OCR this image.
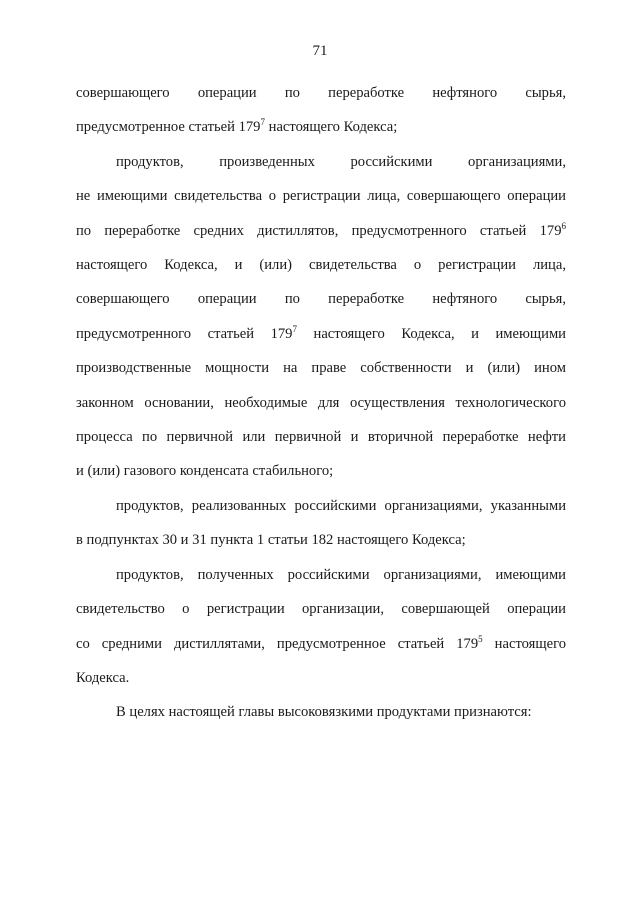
71
совершающего операции по переработке нефтяного сырья,
предусмотренное статьей $179^7$ настоящего Кодекса;
продуктов, произведенных российскими организациями,
не имеющими свидетельства о регистрации лица, совершающего операции
по переработке средних дистиллятов, предусмотренного статьей $179^6$
настоящего Кодекса, и (или) свидетельства о регистрации лица,
совершающего операции по переработке нефтяного сырья,
предусмотренного статьей $179^7$ настоящего Кодекса, и имеющими
производственные мощности на праве собственности и (или) ином
законном основании, необходимые для осуществления технологического
процесса по первичной или первичной и вторичной переработке нефти
и (или) газового конденсата стабильного;
продуктов, реализованных российскими организациями, указанными
в подпунктах 30 и 31 пункта 1 статьи 182 настоящего Кодекса;
продуктов, полученных российскими организациями, имеющими
свидетельство о регистрации организации, совершающей операции
со средними дистиллятами, предусмотренное статьей $179^5$ настоящего
Кодекса.
В целях настоящей главы высоковязкими продуктами признаются:
